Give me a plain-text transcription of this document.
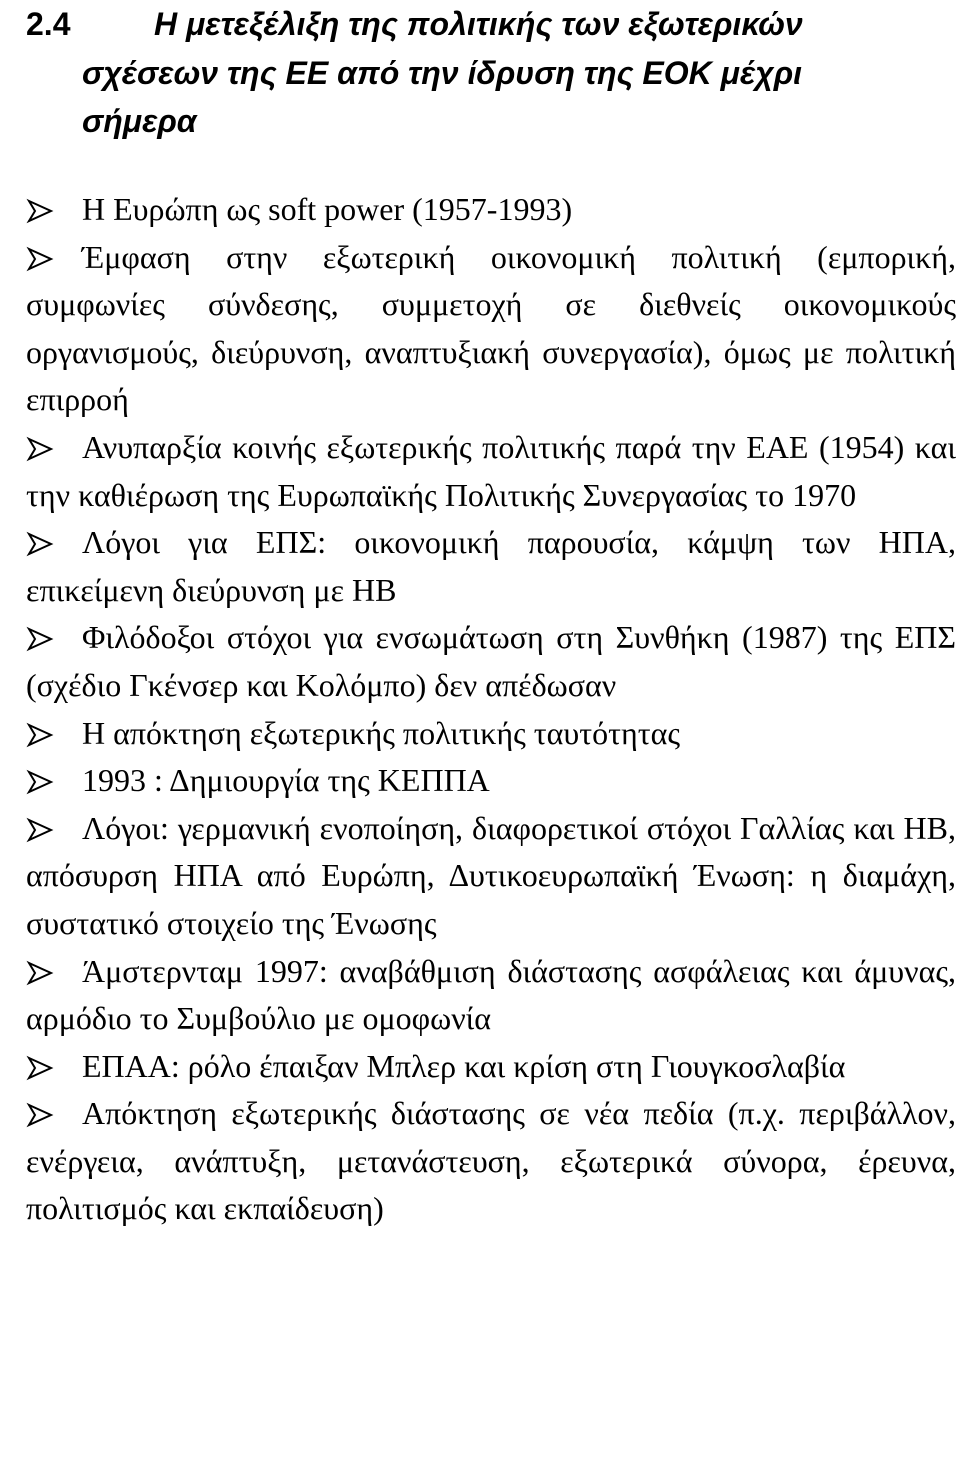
2.4	Η μετεξέλιξη της πολιτικής των εξωτερικών
σχέσεων της ΕΕ από την ίδρυση της ΕΟΚ μέχρι
σήμερα
Η Ευρώπη ως soft power (1957-1993)
Έμφαση στην εξωτερική οικονομική πολιτική (εμπορική, συμφωνίες σύνδεσης, συμμετοχή σε διεθνείς οικονομικούς οργανισμούς, διεύρυνση, αναπτυξιακή συνεργασία), όμως με πολιτική επιρροή
Ανυπαρξία κοινής εξωτερικής πολιτικής παρά την ΕΑΕ (1954) και την καθιέρωση της Ευρωπαϊκής Πολιτικής Συνεργασίας το 1970
Λόγοι για ΕΠΣ: οικονομική παρουσία, κάμψη των ΗΠΑ, επικείμενη διεύρυνση με ΗΒ
Φιλόδοξοι στόχοι για ενσωμάτωση στη Συνθήκη (1987) της ΕΠΣ (σχέδιο Γκένσερ και Κολόμπο) δεν απέδωσαν
Η απόκτηση εξωτερικής πολιτικής ταυτότητας
1993 : Δημιουργία της ΚΕΠΠΑ
Λόγοι: γερμανική ενοποίηση, διαφορετικοί στόχοι Γαλλίας και ΗΒ, απόσυρση ΗΠΑ από Ευρώπη, Δυτικοευρωπαϊκή Ένωση: η διαμάχη, συστατικό στοιχείο της Ένωσης
Άμστερνταμ 1997: αναβάθμιση διάστασης ασφάλειας και άμυνας, αρμόδιο το Συμβούλιο με ομοφωνία
ΕΠΑΑ: ρόλο έπαιξαν Μπλερ και κρίση στη Γιουγκοσλαβία
Απόκτηση εξωτερικής διάστασης σε νέα πεδία (π.χ. περιβάλλον, ενέργεια, ανάπτυξη, μετανάστευση, εξωτερικά σύνορα, έρευνα, πολιτισμός και εκπαίδευση)
